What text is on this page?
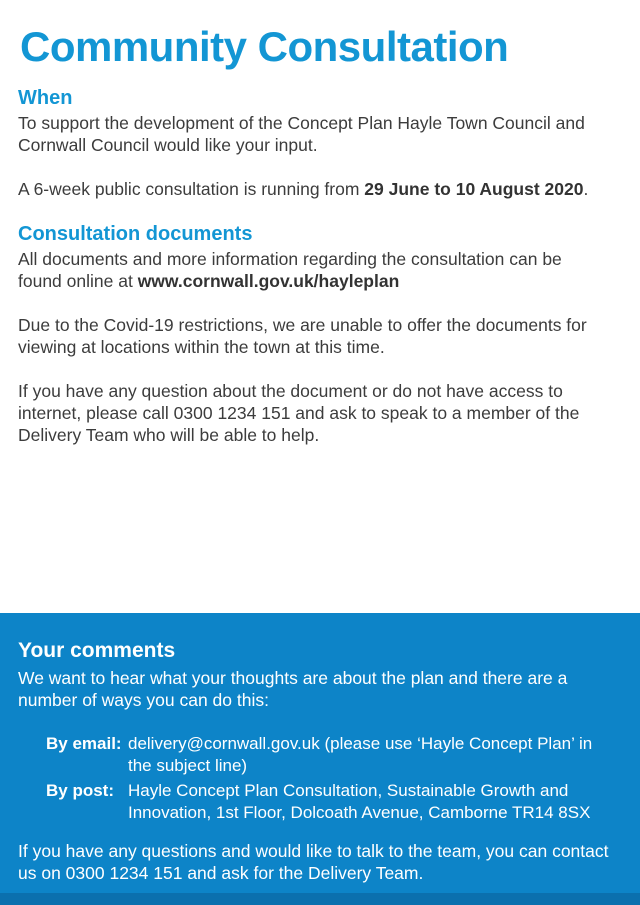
Community Consultation
When

To support the development of the Concept Plan Hayle Town Council and Cornwall Council would like your input.

A 6-week public consultation is running from 29 June to 10 August 2020.

Consultation documents

All documents and more information regarding the consultation can be found online at www.cornwall.gov.uk/hayleplan

Due to the Covid-19 restrictions, we are unable to offer the documents for viewing at locations within the town at this time.

If you have any question about the document or do not have access to internet, please call 0300 1234 151 and ask to speak to a member of the Delivery Team who will be able to help.

Your comments

We want to hear what your thoughts are about the plan and there are a number of ways you can do this:

By email: delivery@cornwall.gov.uk (please use ‘Hayle Concept Plan’ in the subject line)
By post: Hayle Concept Plan Consultation, Sustainable Growth and Innovation, 1st Floor, Dolcoath Avenue, Camborne TR14 8SX

If you have any questions and would like to talk to the team, you can contact us on 0300 1234 151 and ask for the Delivery Team.
